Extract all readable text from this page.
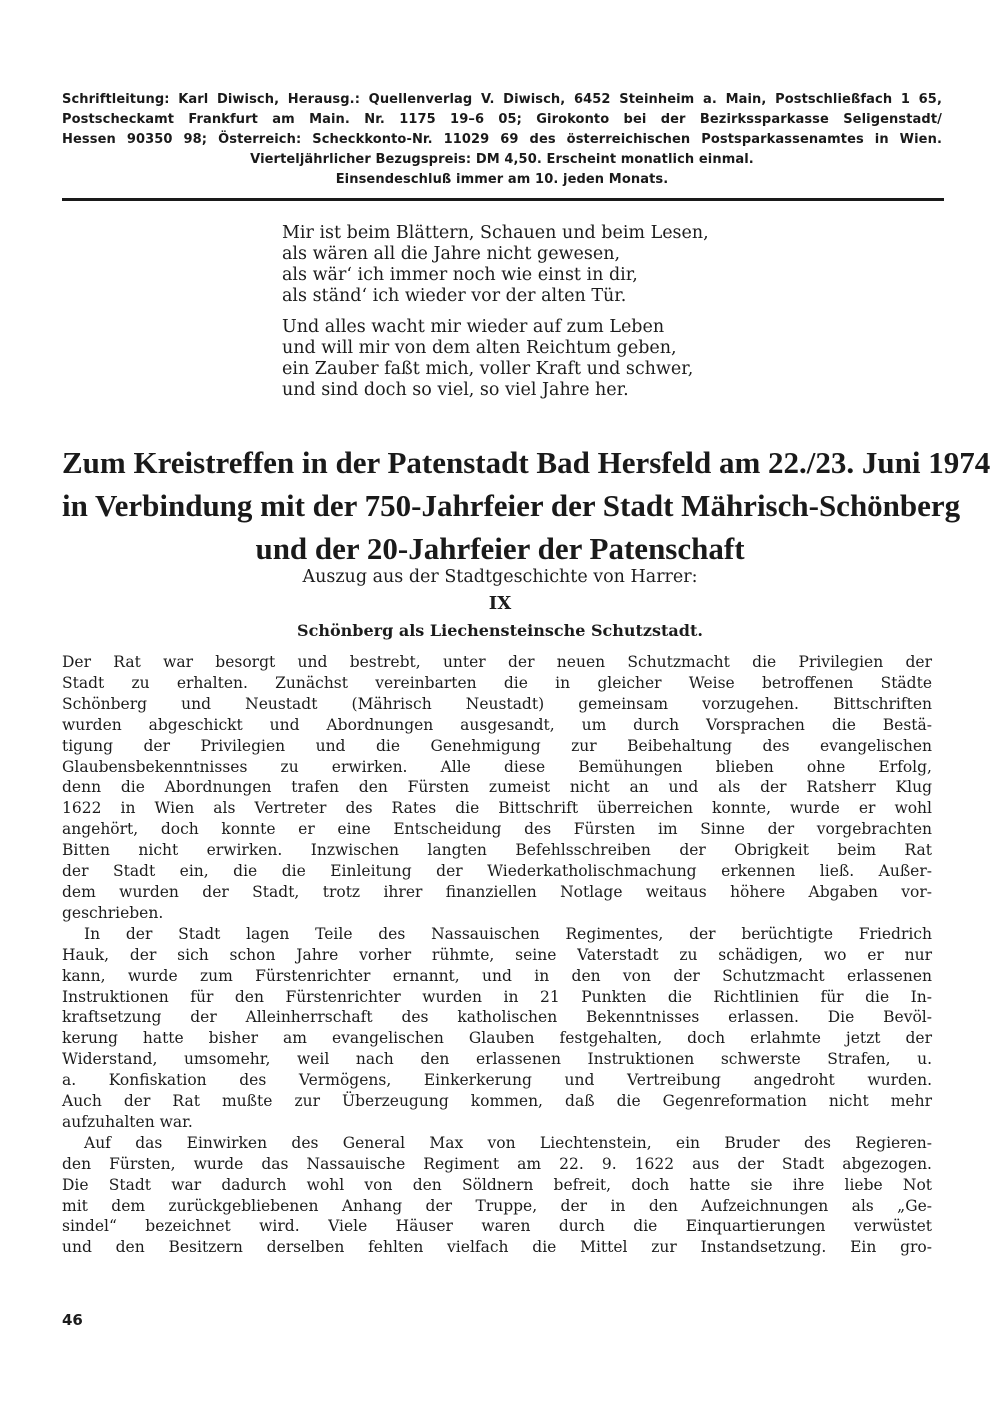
Schriftleitung: Karl Diwisch, Herausg.: Quellenverlag V. Diwisch, 6452 Steinheim a. Main, Postschließfach 1 65,
Postscheckamt Frankfurt am Main. Nr. 1175 19–6 05; Girokonto bei der Bezirkssparkasse Seligenstadt/
Hessen 90350 98; Österreich: Scheckkonto-Nr. 11029 69 des österreichischen Postsparkassenamtes in Wien.
Vierteljährlicher Bezugspreis: DM 4,50. Erscheint monatlich einmal.
Einsendeschluß immer am 10. jeden Monats.
Mir ist beim Blättern, Schauen und beim Lesen,
als wären all die Jahre nicht gewesen,
als wär‘ ich immer noch wie einst in dir,
als ständ‘ ich wieder vor der alten Tür.
Und alles wacht mir wieder auf zum Leben
und will mir von dem alten Reichtum geben,
ein Zauber faßt mich, voller Kraft und schwer,
und sind doch so viel, so viel Jahre her.
Zum Kreistreffen in der Patenstadt Bad Hersfeld am 22./23. Juni 1974
in Verbindung mit der 750-Jahrfeier der Stadt Mährisch-Schönberg
und der 20-Jahrfeier der Patenschaft
Auszug aus der Stadtgeschichte von Harrer:
IX
Schönberg als Liechensteinsche Schutzstadt.
Der Rat war besorgt und bestrebt, unter der neuen Schutzmacht die Privilegien der
Stadt zu erhalten. Zunächst vereinbarten die in gleicher Weise betroffenen Städte
Schönberg und Neustadt (Mährisch Neustadt) gemeinsam vorzugehen. Bittschriften
wurden abgeschickt und Abordnungen ausgesandt, um durch Vorsprachen die Bestä-
tigung der Privilegien und die Genehmigung zur Beibehaltung des evangelischen
Glaubensbekenntnisses zu erwirken. Alle diese Bemühungen blieben ohne Erfolg,
denn die Abordnungen trafen den Fürsten zumeist nicht an und als der Ratsherr Klug
1622 in Wien als Vertreter des Rates die Bittschrift überreichen konnte, wurde er wohl
angehört, doch konnte er eine Entscheidung des Fürsten im Sinne der vorgebrachten
Bitten nicht erwirken. Inzwischen langten Befehlsschreiben der Obrigkeit beim Rat
der Stadt ein, die die Einleitung der Wiederkatholischmachung erkennen ließ. Außer-
dem wurden der Stadt, trotz ihrer finanziellen Notlage weitaus höhere Abgaben vor-
geschrieben.
In der Stadt lagen Teile des Nassauischen Regimentes, der berüchtigte Friedrich
Hauk, der sich schon Jahre vorher rühmte, seine Vaterstadt zu schädigen, wo er nur
kann, wurde zum Fürstenrichter ernannt, und in den von der Schutzmacht erlassenen
Instruktionen für den Fürstenrichter wurden in 21 Punkten die Richtlinien für die In-
kraftsetzung der Alleinherrschaft des katholischen Bekenntnisses erlassen. Die Bevöl-
kerung hatte bisher am evangelischen Glauben festgehalten, doch erlahmte jetzt der
Widerstand, umsomehr, weil nach den erlassenen Instruktionen schwerste Strafen, u.
a. Konfiskation des Vermögens, Einkerkerung und Vertreibung angedroht wurden.
Auch der Rat mußte zur Überzeugung kommen, daß die Gegenreformation nicht mehr
aufzuhalten war.
Auf das Einwirken des General Max von Liechtenstein, ein Bruder des Regieren-
den Fürsten, wurde das Nassauische Regiment am 22. 9. 1622 aus der Stadt abgezogen.
Die Stadt war dadurch wohl von den Söldnern befreit, doch hatte sie ihre liebe Not
mit dem zurückgebliebenen Anhang der Truppe, der in den Aufzeichnungen als „Ge-
sindel“ bezeichnet wird. Viele Häuser waren durch die Einquartierungen verwüstet
und den Besitzern derselben fehlten vielfach die Mittel zur Instandsetzung. Ein gro-
46
